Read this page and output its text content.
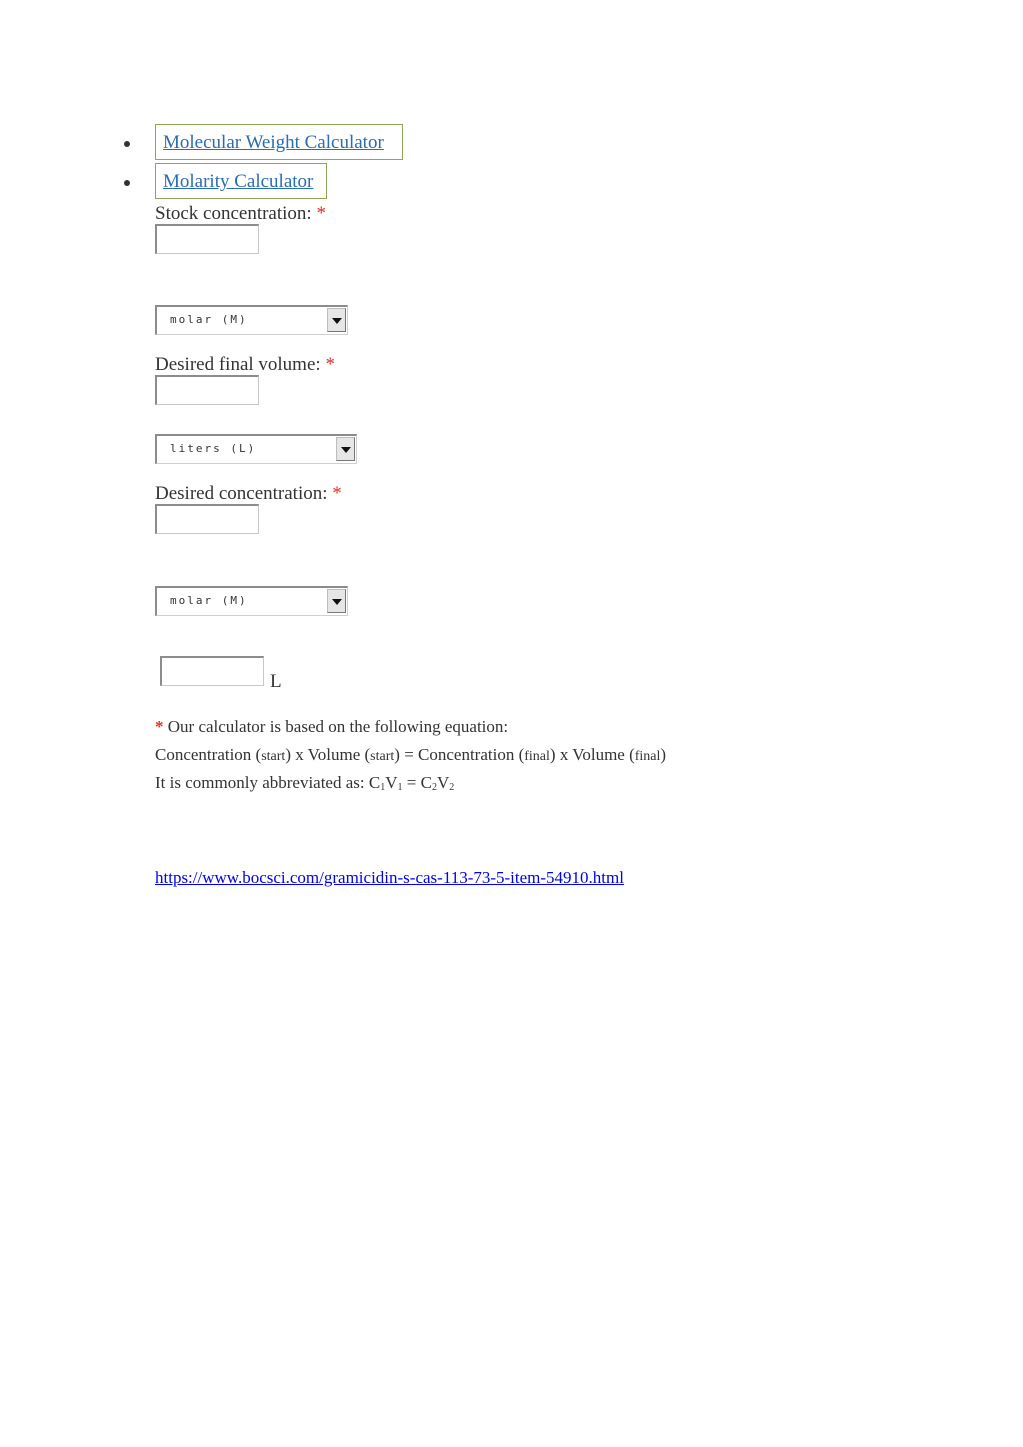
Molecular Weight Calculator
Molarity Calculator
Stock concentration: *
molar (M)
Desired final volume: *
liters (L)
Desired concentration: *
molar (M)
L
* Our calculator is based on the following equation:
Concentration (start) x Volume (start) = Concentration (final) x Volume (final)
It is commonly abbreviated as: $C_1V_1 = C_2V_2$
https://www.bocsci.com/gramicidin-s-cas-113-73-5-item-54910.html
